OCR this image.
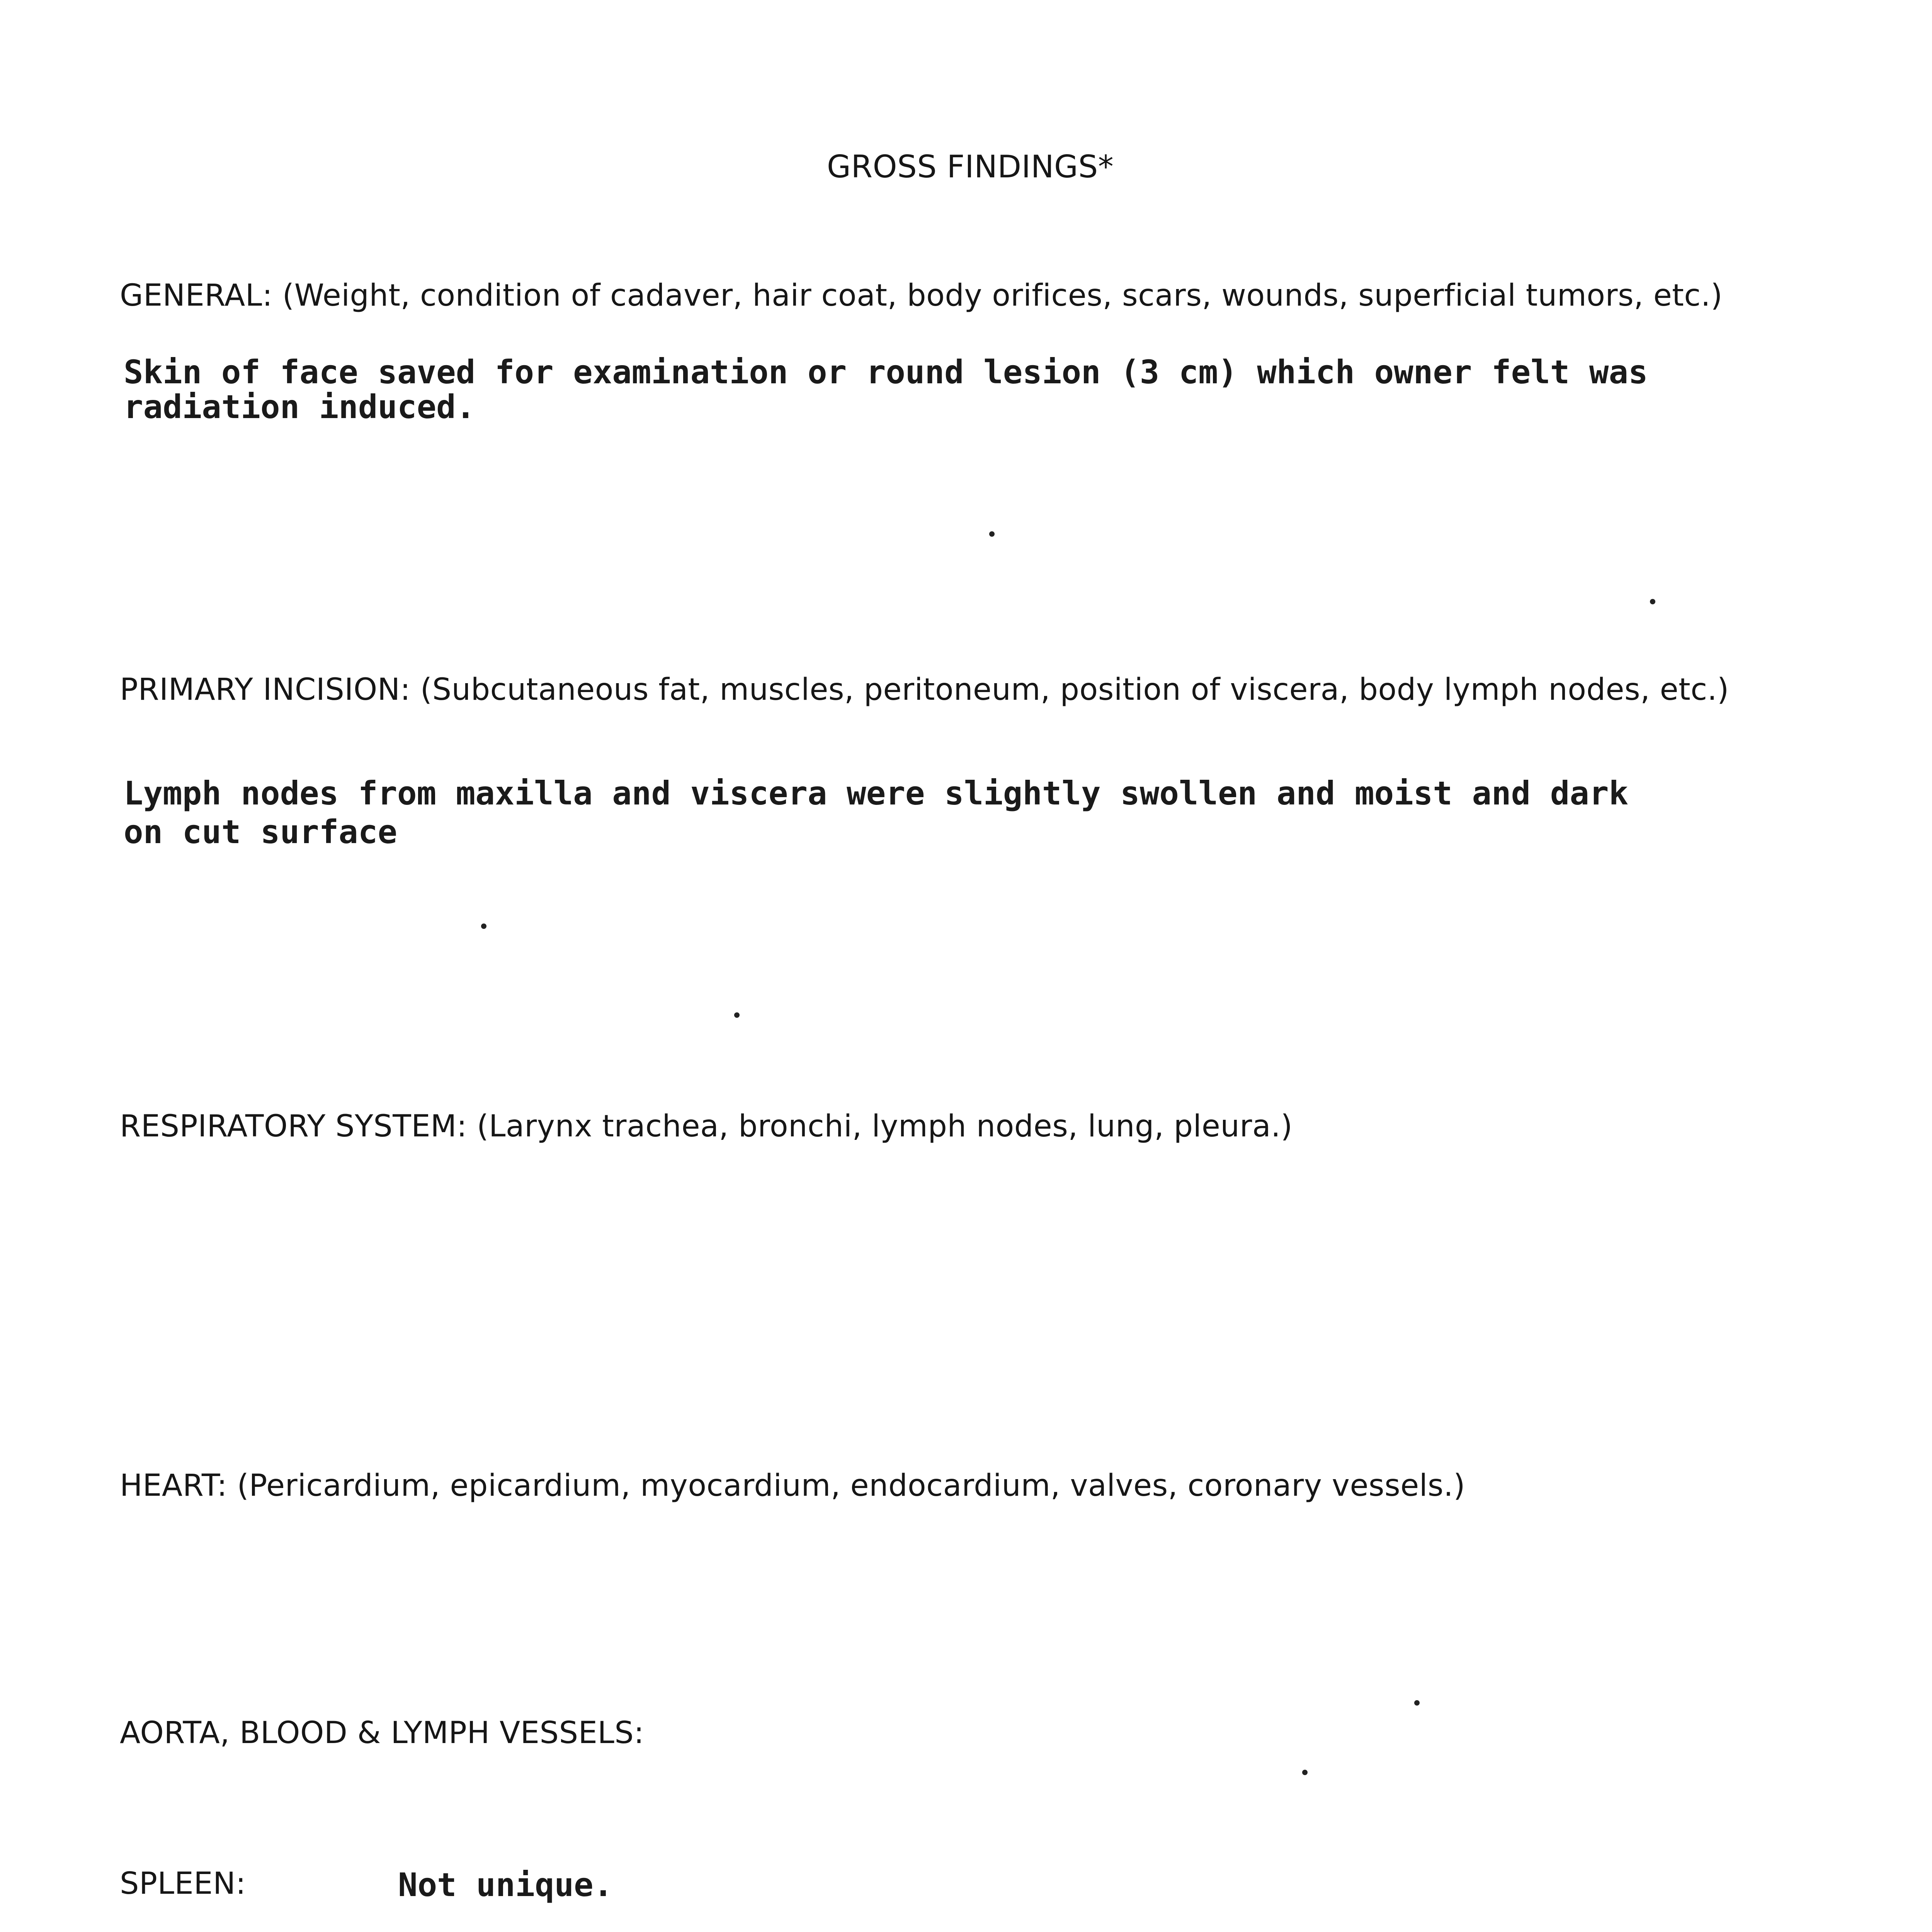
GROSS FINDINGS*
GENERAL: (Weight, condition of cadaver, hair coat, body orifices, scars, wounds, superficial tumors, etc.)
Skin of face saved for examination or round lesion (3 cm) which owner felt was
radiation induced.
PRIMARY INCISION: (Subcutaneous fat, muscles, peritoneum, position of viscera, body lymph nodes, etc.)
Lymph nodes from maxilla and viscera were slightly swollen and moist and dark
on cut surface
RESPIRATORY SYSTEM: (Larynx trachea, bronchi, lymph nodes, lung, pleura.)
HEART: (Pericardium, epicardium, myocardium, endocardium, valves, coronary vessels.)
AORTA, BLOOD & LYMPH VESSELS:
SPLEEN:	Not unique.
